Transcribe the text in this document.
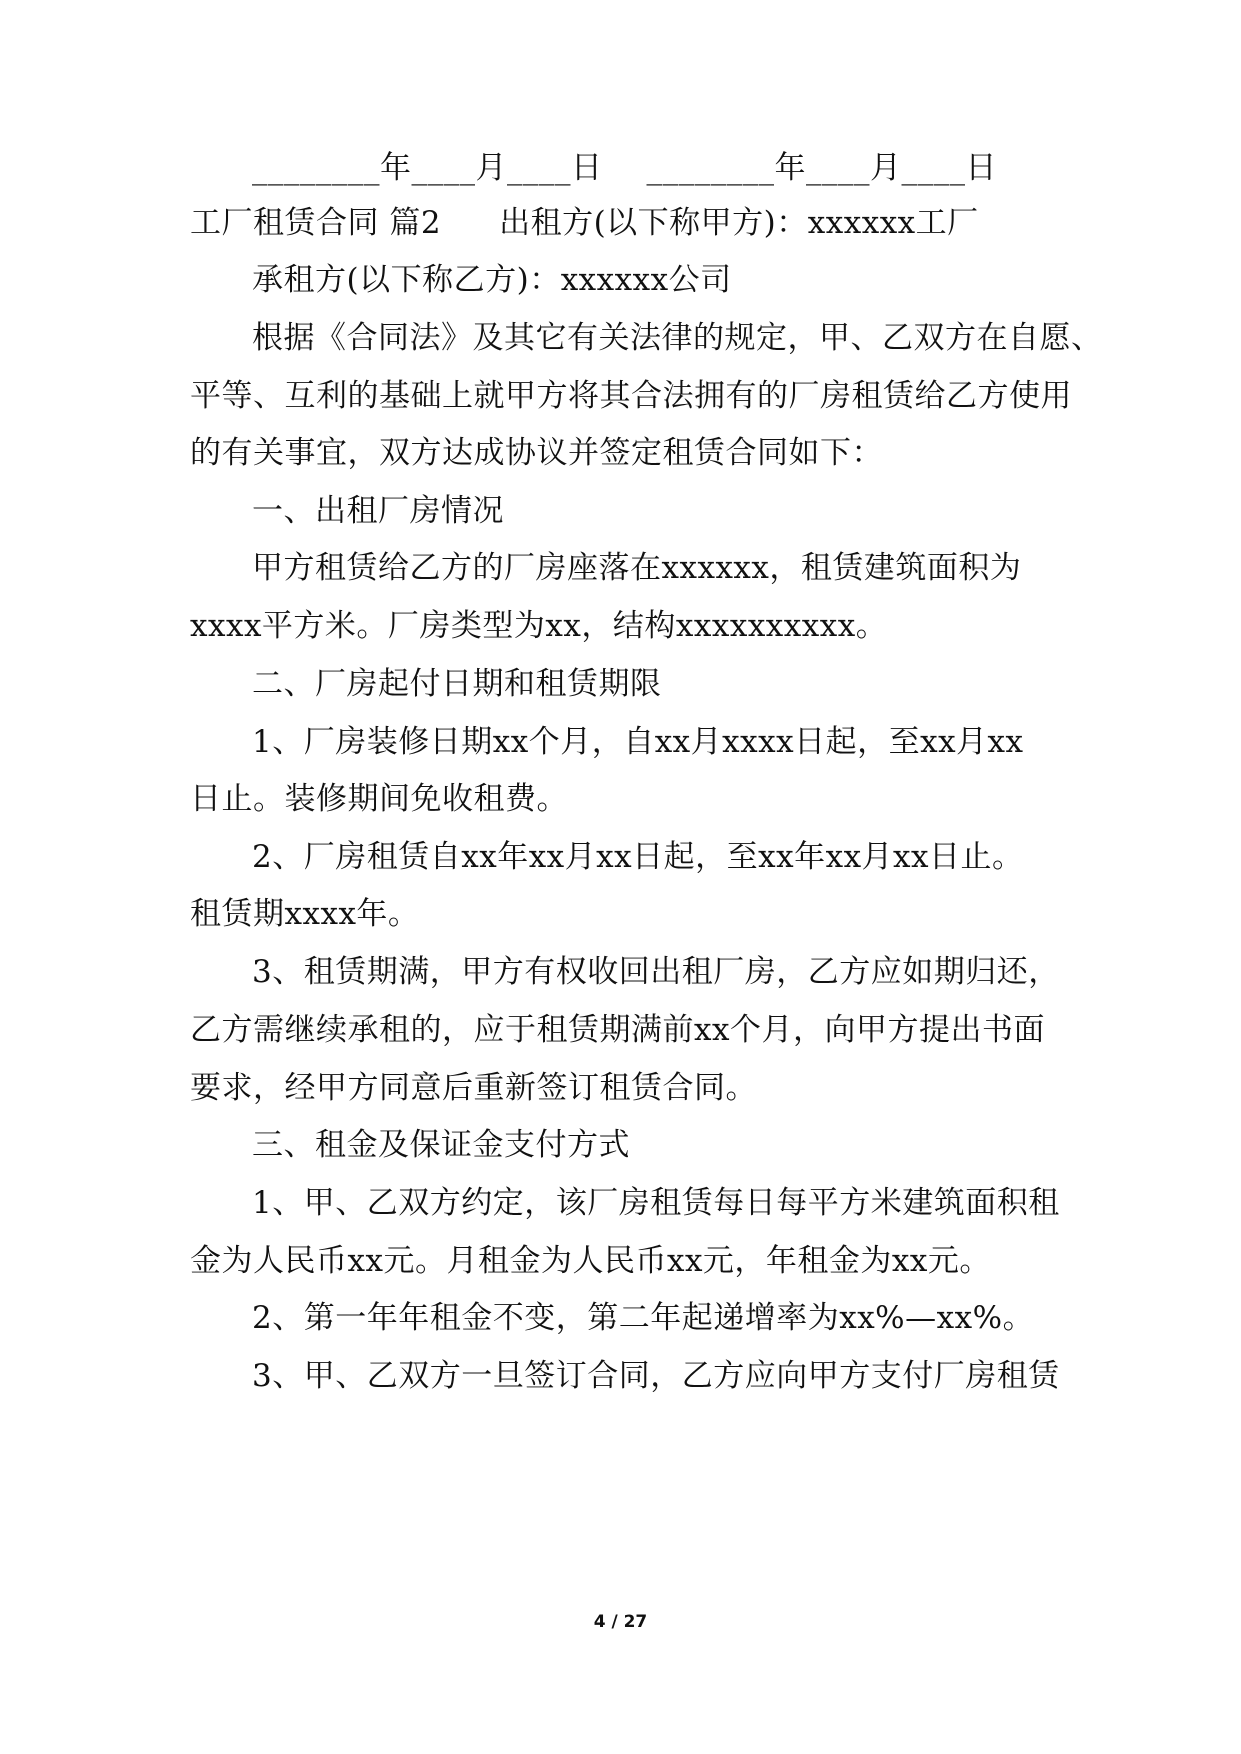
________年____月____日 ________年____月____日
工厂租赁合同 篇2 出租方(以下称甲方)：xxxxxx工厂
承租方(以下称乙方)：xxxxxx公司
根据《合同法》及其它有关法律的规定，甲、乙双方在自愿、
平等、互利的基础上就甲方将其合法拥有的厂房租赁给乙方使用
的有关事宜，双方达成协议并签定租赁合同如下：
一、出租厂房情况
甲方租赁给乙方的厂房座落在xxxxxx，租赁建筑面积为
xxxx平方米。厂房类型为xx，结构xxxxxxxxxx。
二、厂房起付日期和租赁期限
1、厂房装修日期xx个月，自xx月xxxx日起，至xx月xx
日止。装修期间免收租费。
2、厂房租赁自xx年xx月xx日起，至xx年xx月xx日止。
租赁期xxxx年。
3、租赁期满，甲方有权收回出租厂房，乙方应如期归还，
乙方需继续承租的，应于租赁期满前xx个月，向甲方提出书面
要求，经甲方同意后重新签订租赁合同。
三、租金及保证金支付方式
1、甲、乙双方约定，该厂房租赁每日每平方米建筑面积租
金为人民币xx元。月租金为人民币xx元，年租金为xx元。
2、第一年年租金不变，第二年起递增率为xx%—xx%。
3、甲、乙双方一旦签订合同，乙方应向甲方支付厂房租赁
4 / 27
